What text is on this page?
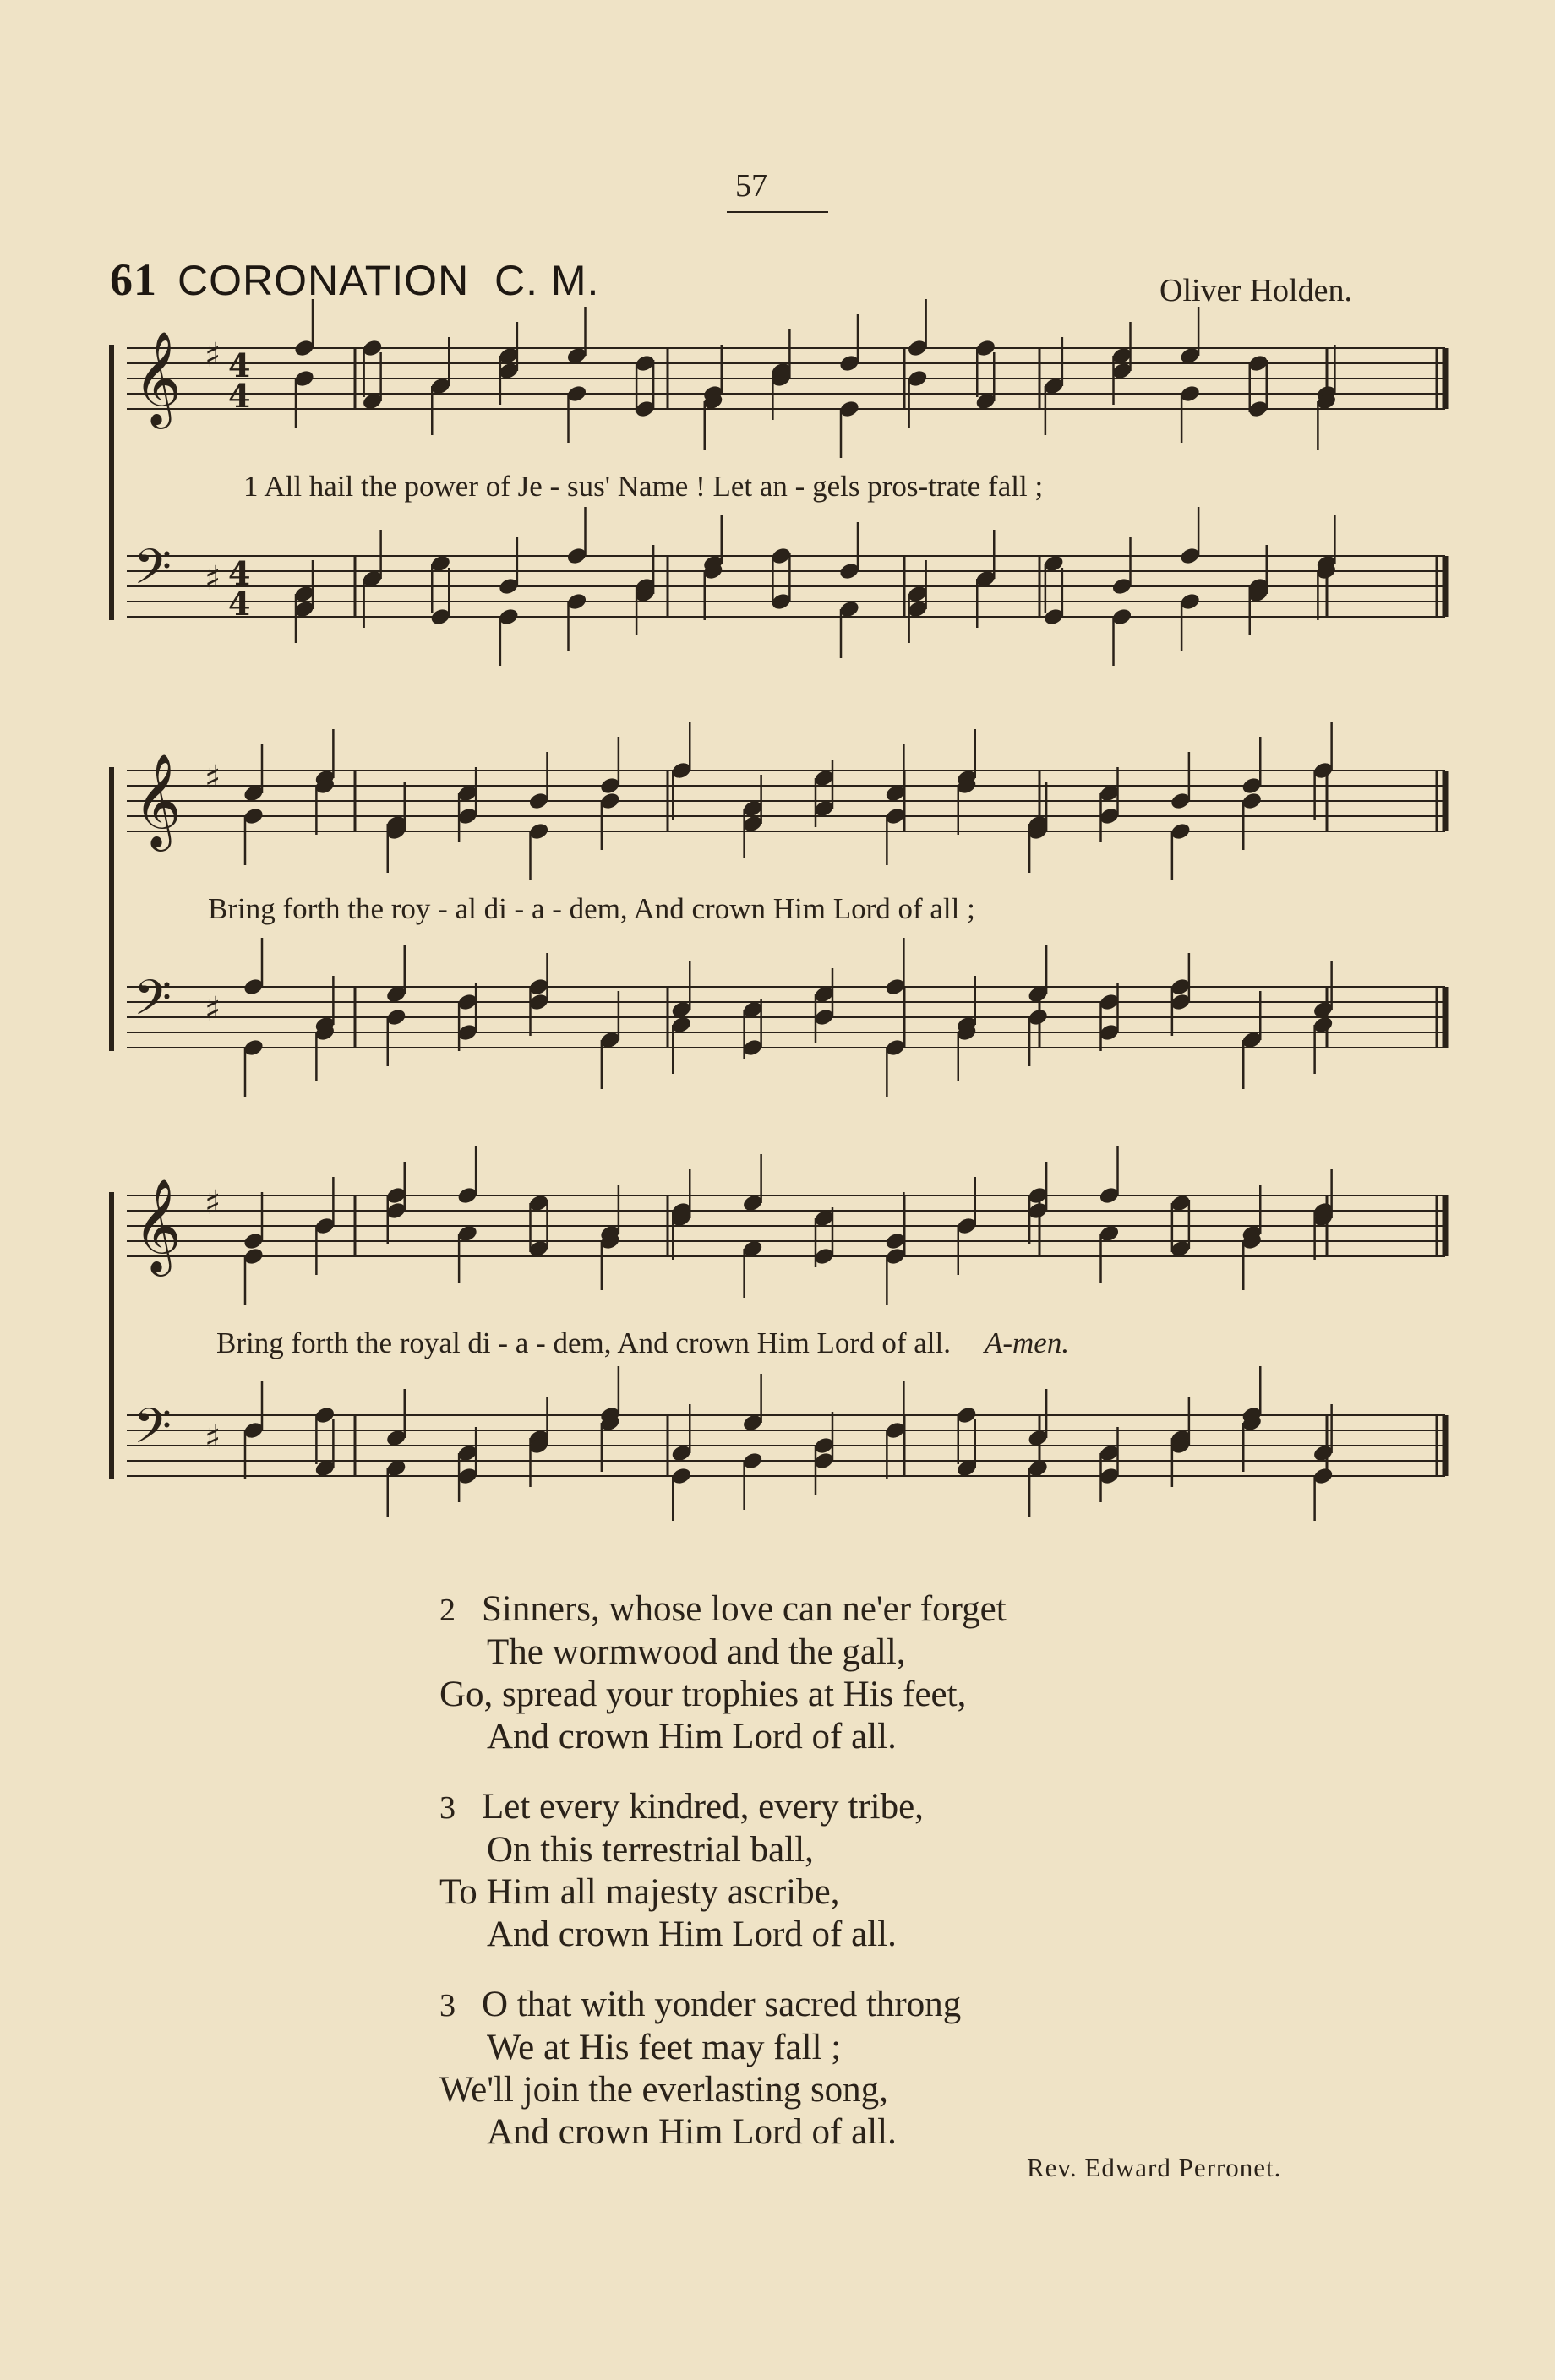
57
61 CORONATION C. M.	Oliver Holden.
𝄞 ♯ 4
4
𝄢 ♯ 4
4
𝄞 ♯
𝄢 ♯
𝄞 ♯
𝄢 ♯
1 All hail the power of Je - sus' Name ! Let an - gels pros-trate fall ;
Bring forth the roy - al di - a - dem, And crown Him Lord of all ;
Bring forth the royal di - a - dem, And crown Him Lord of all. A-men.
2 Sinners, whose love can ne'er forget
The wormwood and the gall,
Go, spread your trophies at His feet,
And crown Him Lord of all.
3 Let every kindred, every tribe,
On this terrestrial ball,
To Him all majesty ascribe,
And crown Him Lord of all.
3 O that with yonder sacred throng
We at His feet may fall ;
We'll join the everlasting song,
And crown Him Lord of all.
Rev. Edward Perronet.
